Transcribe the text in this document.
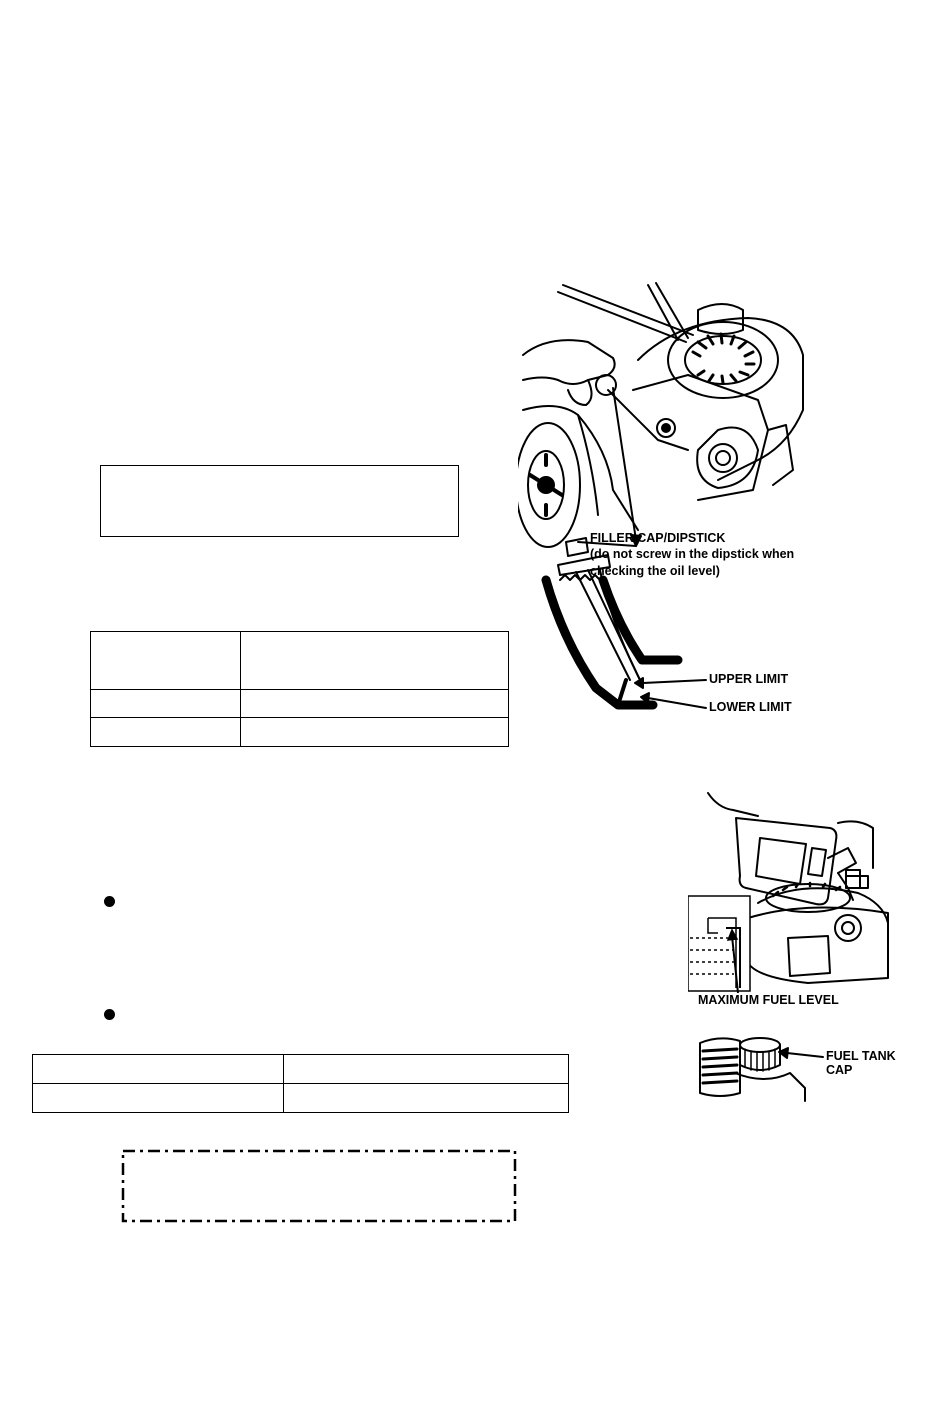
FILLER CAP/DIPSTICK
(do not screw in the dipstick when checking the oil level)
UPPER LIMIT
LOWER LIMIT
MAXIMUM FUEL LEVEL
FUEL TANK CAP
